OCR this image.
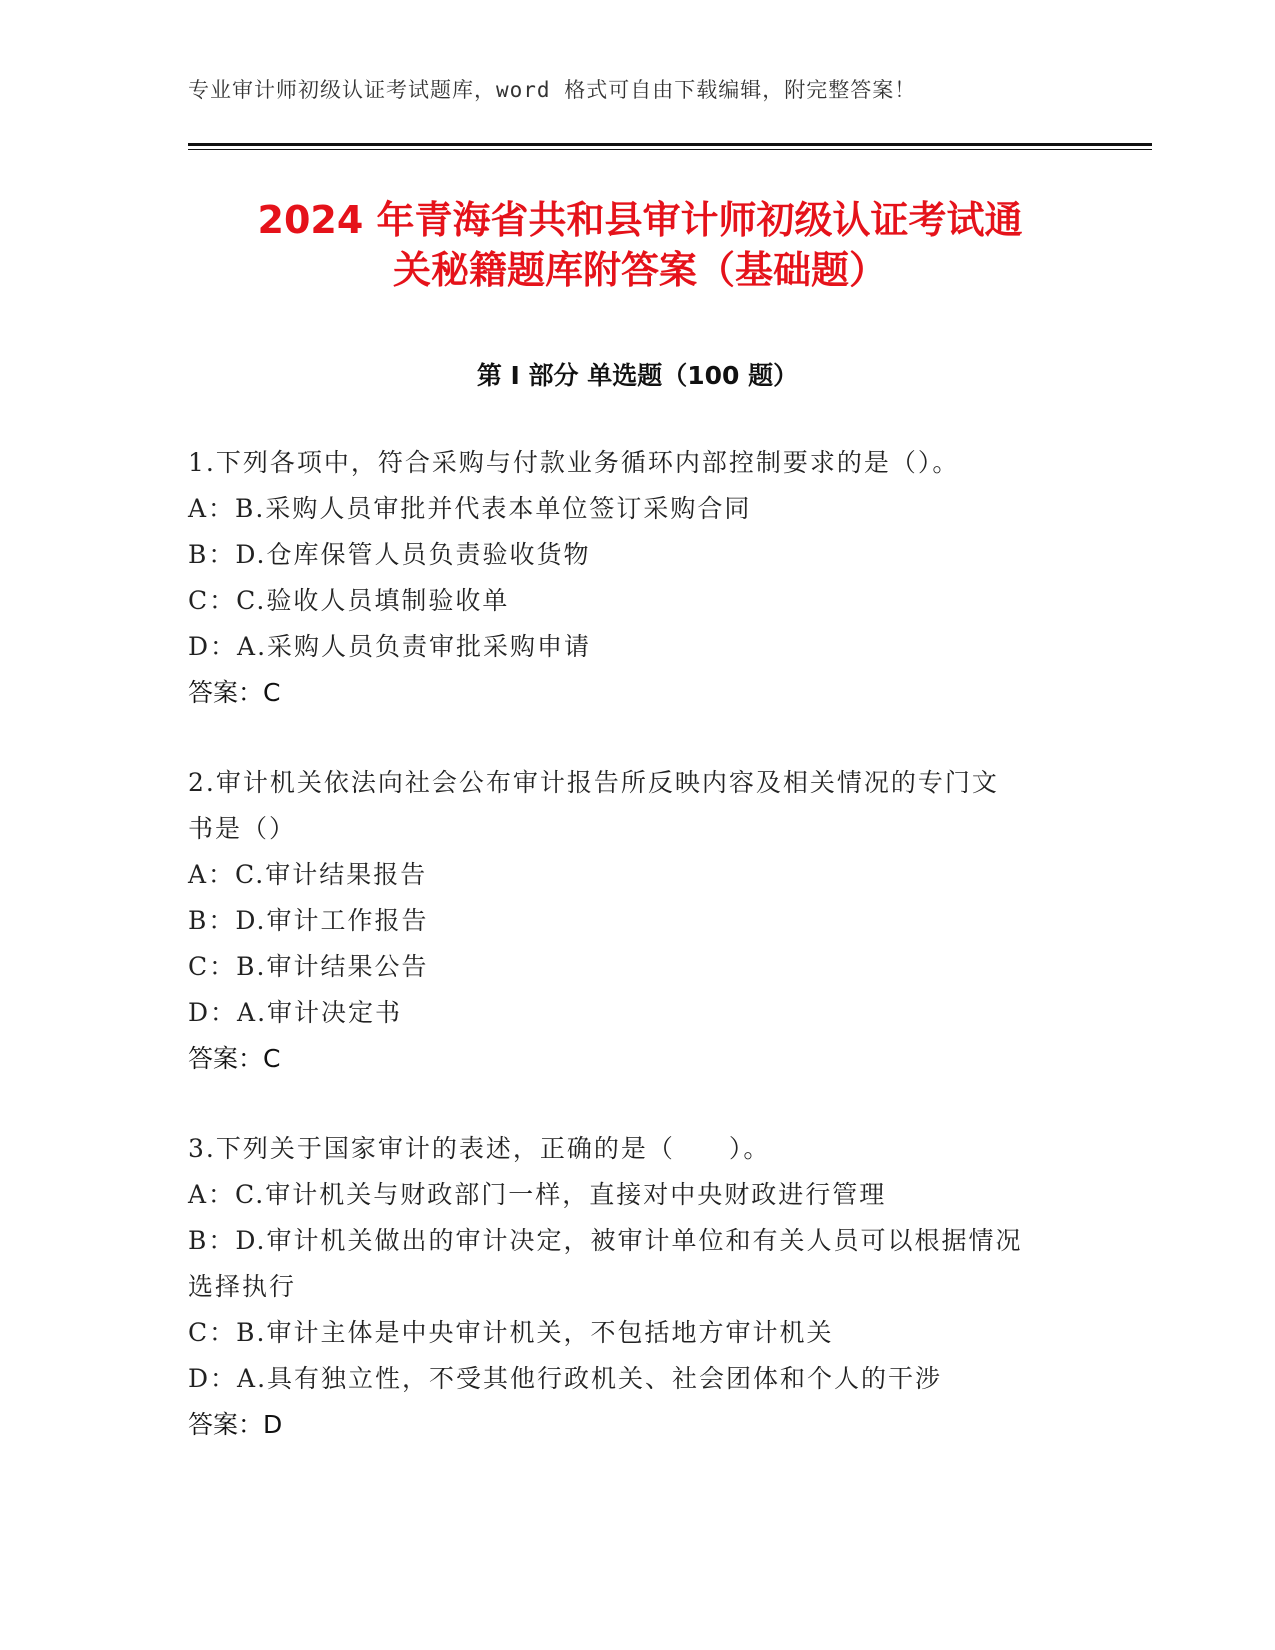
专业审计师初级认证考试题库，word 格式可自由下载编辑，附完整答案！
2024 年青海省共和县审计师初级认证考试通
关秘籍题库附答案（基础题）
第 I 部分 单选题（100 题）
1.下列各项中，符合采购与付款业务循环内部控制要求的是（）。
A：B.采购人员审批并代表本单位签订采购合同
B：D.仓库保管人员负责验收货物
C：C.验收人员填制验收单
D：A.采购人员负责审批采购申请
答案：C
2.审计机关依法向社会公布审计报告所反映内容及相关情况的专门文
书是（）
A：C.审计结果报告
B：D.审计工作报告
C：B.审计结果公告
D：A.审计决定书
答案：C
3.下列关于国家审计的表述，正确的是（　　）。
A：C.审计机关与财政部门一样，直接对中央财政进行管理
B：D.审计机关做出的审计决定，被审计单位和有关人员可以根据情况
选择执行
C：B.审计主体是中央审计机关，不包括地方审计机关
D：A.具有独立性，不受其他行政机关、社会团体和个人的干涉
答案：D
